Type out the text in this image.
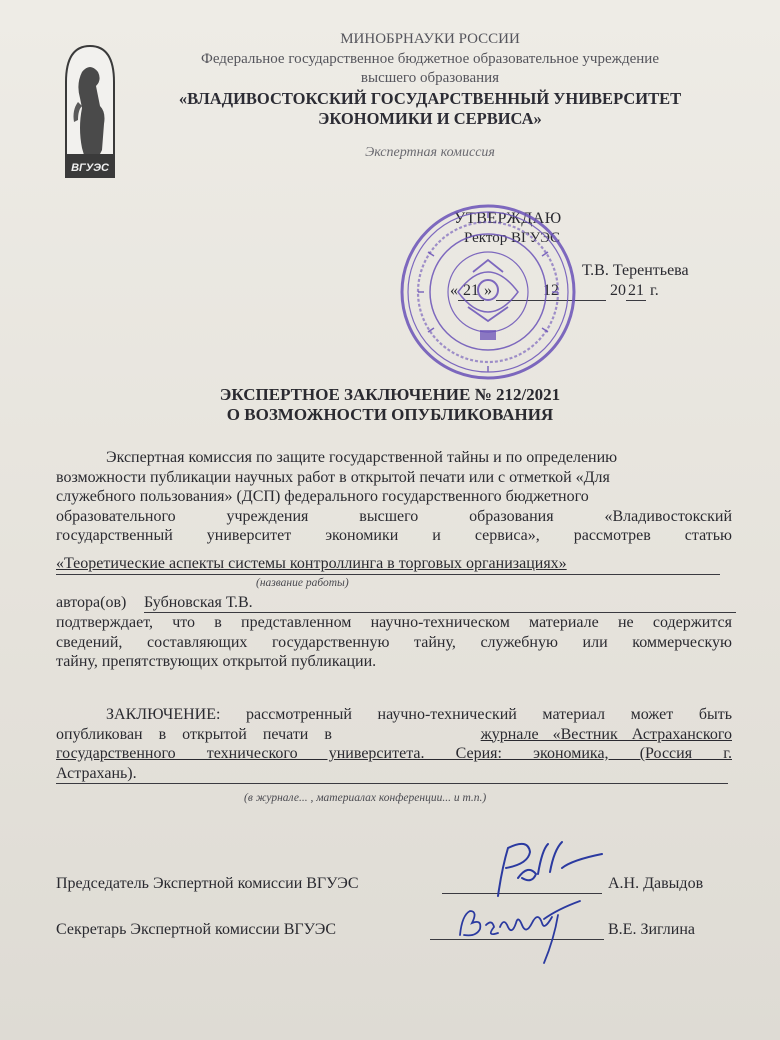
ВГУЭС
МИНОБРНАУКИ РОССИИ
Федеральное государственное бюджетное образовательное учреждение
высшего образования
«ВЛАДИВОСТОКСКИЙ ГОСУДАРСТВЕННЫЙ УНИВЕРСИТЕТ
ЭКОНОМИКИ И СЕРВИСА»
Экспертная комиссия
УТВЕРЖДАЮ
Ректор ВГУЭС
Т.В. Терентьева
« 21 »	12	20 21 г.
ЭКСПЕРТНОЕ ЗАКЛЮЧЕНИЕ № 212/2021
О ВОЗМОЖНОСТИ ОПУБЛИКОВАНИЯ
Экспертная комиссия по защите государственной тайны и по определению
возможности публикации научных работ в открытой печати или с отметкой «Для
служебного пользования» (ДСП) федерального государственного бюджетного
образовательного учреждения высшего образования «Владивостокский
государственный университет экономики и сервиса», рассмотрев статью
«Теоретические аспекты системы контроллинга в торговых организациях»
(название работы)
автора(ов) Бубновская Т.В.
подтверждает, что в представленном научно-техническом материале не содержится
сведений, составляющих государственную тайну, служебную или коммерческую
тайну, препятствующих открытой публикации.
ЗАКЛЮЧЕНИЕ: рассмотренный научно-технический материал может быть
опубликован в открытой печати в	журнале «Вестник Астраханского
государственного технического университета. Серия: экономика, (Россия г.
Астрахань).
(в журнале... , материалах конференции... и т.п.)
Председатель Экспертной комиссии ВГУЭС	А.Н. Давыдов
Секретарь Экспертной комиссии ВГУЭС	В.Е. Зиглина
